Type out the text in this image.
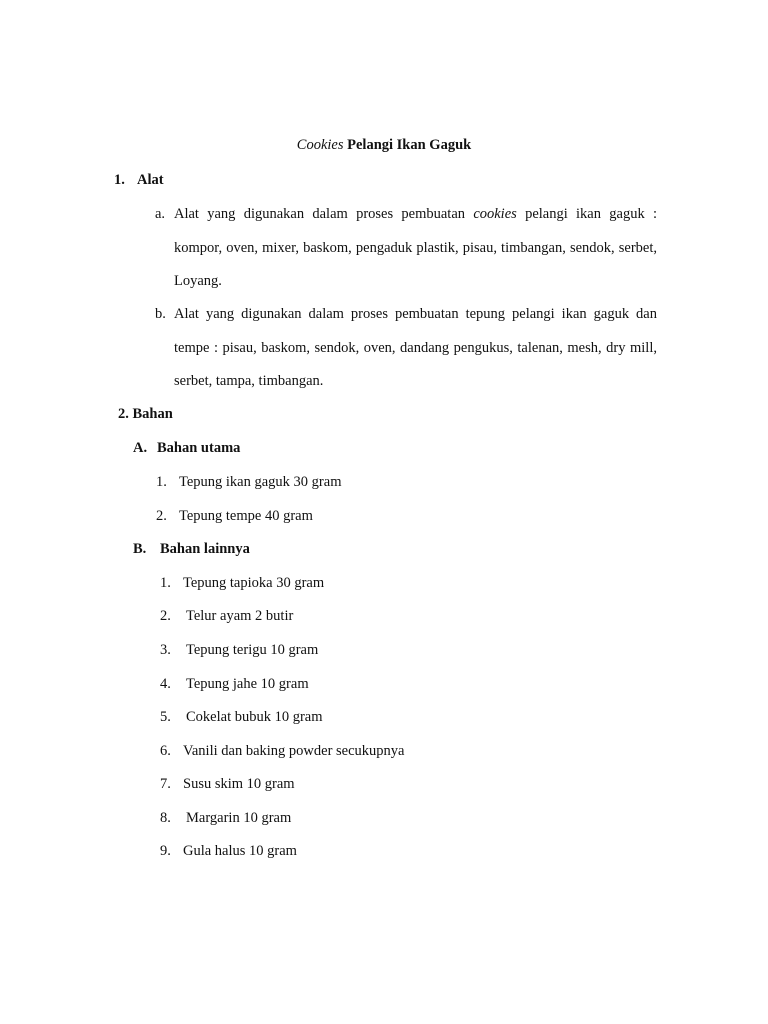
Cookies Pelangi Ikan Gaguk
1. Alat
a. Alat yang digunakan dalam proses pembuatan cookies pelangi ikan gaguk : kompor, oven, mixer, baskom, pengaduk plastik, pisau, timbangan, sendok, serbet, Loyang.
b. Alat yang digunakan dalam proses pembuatan tepung pelangi ikan gaguk dan tempe : pisau, baskom, sendok, oven, dandang pengukus, talenan, mesh, dry mill, serbet, tampa, timbangan.
2. Bahan
A. Bahan utama
1. Tepung ikan gaguk 30 gram
2. Tepung tempe 40 gram
B. Bahan lainnya
1. Tepung tapioka 30 gram
2. Telur ayam 2 butir
3. Tepung terigu 10 gram
4. Tepung jahe 10 gram
5. Cokelat bubuk 10 gram
6. Vanili dan baking powder secukupnya
7. Susu skim 10 gram
8. Margarin 10 gram
9. Gula halus 10 gram
